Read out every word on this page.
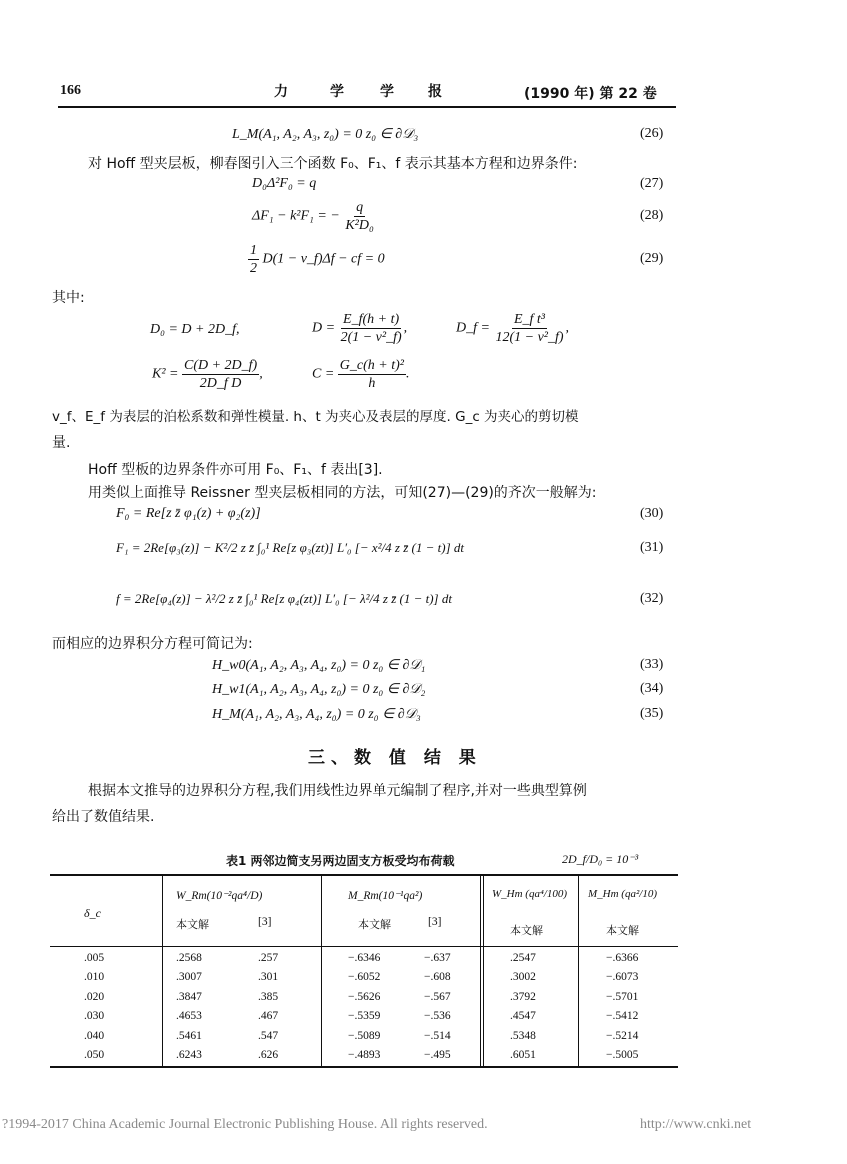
166	力	学	学 报	(1990 年) 第 22 卷
L_M(A₁, A₂, A₃, z₀) = 0 z₀ ∈ ∂𝒟₃	(26)
对 Hoff 型夹层板，柳春图引入三个函数 F₀、F₁、f 表示其基本方程和边界条件:
D₀Δ²F₀ = q	(27)
ΔF₁ − k²F₁ = − $\frac{q}{\text{K²D₀}}$	(28)
$\frac{1}{2} D(1$ − v_f)Δf − cf = 0	(29)
其中:
D₀ = D + 2D_f,	$D = \frac{E\_f(h + t)}{\text{2(1 − v²\_f)}}$ ,	D_f = $\frac{\text{E\_f t³}}{\text{12(1 − v²\_f)}}$ ,
$K^2 = \frac{C(D + 2D\_f)}{\text{2D\_f D}}$ ,	$C = \frac{\text{G\_c(h + t)²}}{h}$ .
v_f、E_f 为表层的泊松系数和弹性模量. h、t 为夹心及表层的厚度. G_c 为夹心的剪切模
量.
Hoff 型板的边界条件亦可用 F₀、F₁、f 表出[3].
用类似上面推导 Reissner 型夹层板相同的方法，可知(27)—(29)的齐次一般解为:
F₀ = Re[z z̄ φ₁(z) + φ₂(z)]	(30)
F₁ = 2Re[φ₃(z)] − K²/2 z z̄ ∫₀¹ Re[z φ₃(zt)] L′₀ [− x²/4 z z̄ (1 − t)] dt	(31)
f = 2Re[φ₄(z)] − λ²/2 z z̄ ∫₀¹ Re[z φ₄(zt)] L′₀ [− λ²/4 z z̄ (1 − t)] dt	(32)
而相应的边界积分方程可简记为:
H_w0(A₁, A₂, A₃, A₄, z₀) = 0 z₀ ∈ ∂𝒟₁	(33)
H_w1(A₁, A₂, A₃, A₄, z₀) = 0 z₀ ∈ ∂𝒟₂	(34)
H_M(A₁, A₂, A₃, A₄, z₀) = 0 z₀ ∈ ∂𝒟₃	(35)
三、数 值 结 果
根据本文推导的边界积分方程,我们用线性边界单元编制了程序,并对一些典型算例
给出了数值结果.
表1 两邻边简支另两边固支方板受均布荷载	2D_f/D₀ = 10⁻³
δ_c
W_Rm(10⁻²qa⁴/D)
本文解	[3]
M_Rm(10⁻¹qa²)
本文解	[3]
W_Hm (qa⁴/100)
本文解
M_Hm (qa²/10)
本文解
.005	.2568	.257	−.6346	−.637	.2547	−.6366
.010	.3007	.301	−.6052	−.608	.3002	−.6073
.020	.3847	.385	−.5626	−.567	.3792	−.5701
.030	.4653	.467	−.5359	−.536	.4547	−.5412
.040	.5461	.547	−.5089	−.514	.5348	−.5214
.050	.6243	.626	−.4893	−.495	.6051	−.5005
?1994-2017 China Academic Journal Electronic Publishing House. All rights reserved.	http://www.cnki.net
